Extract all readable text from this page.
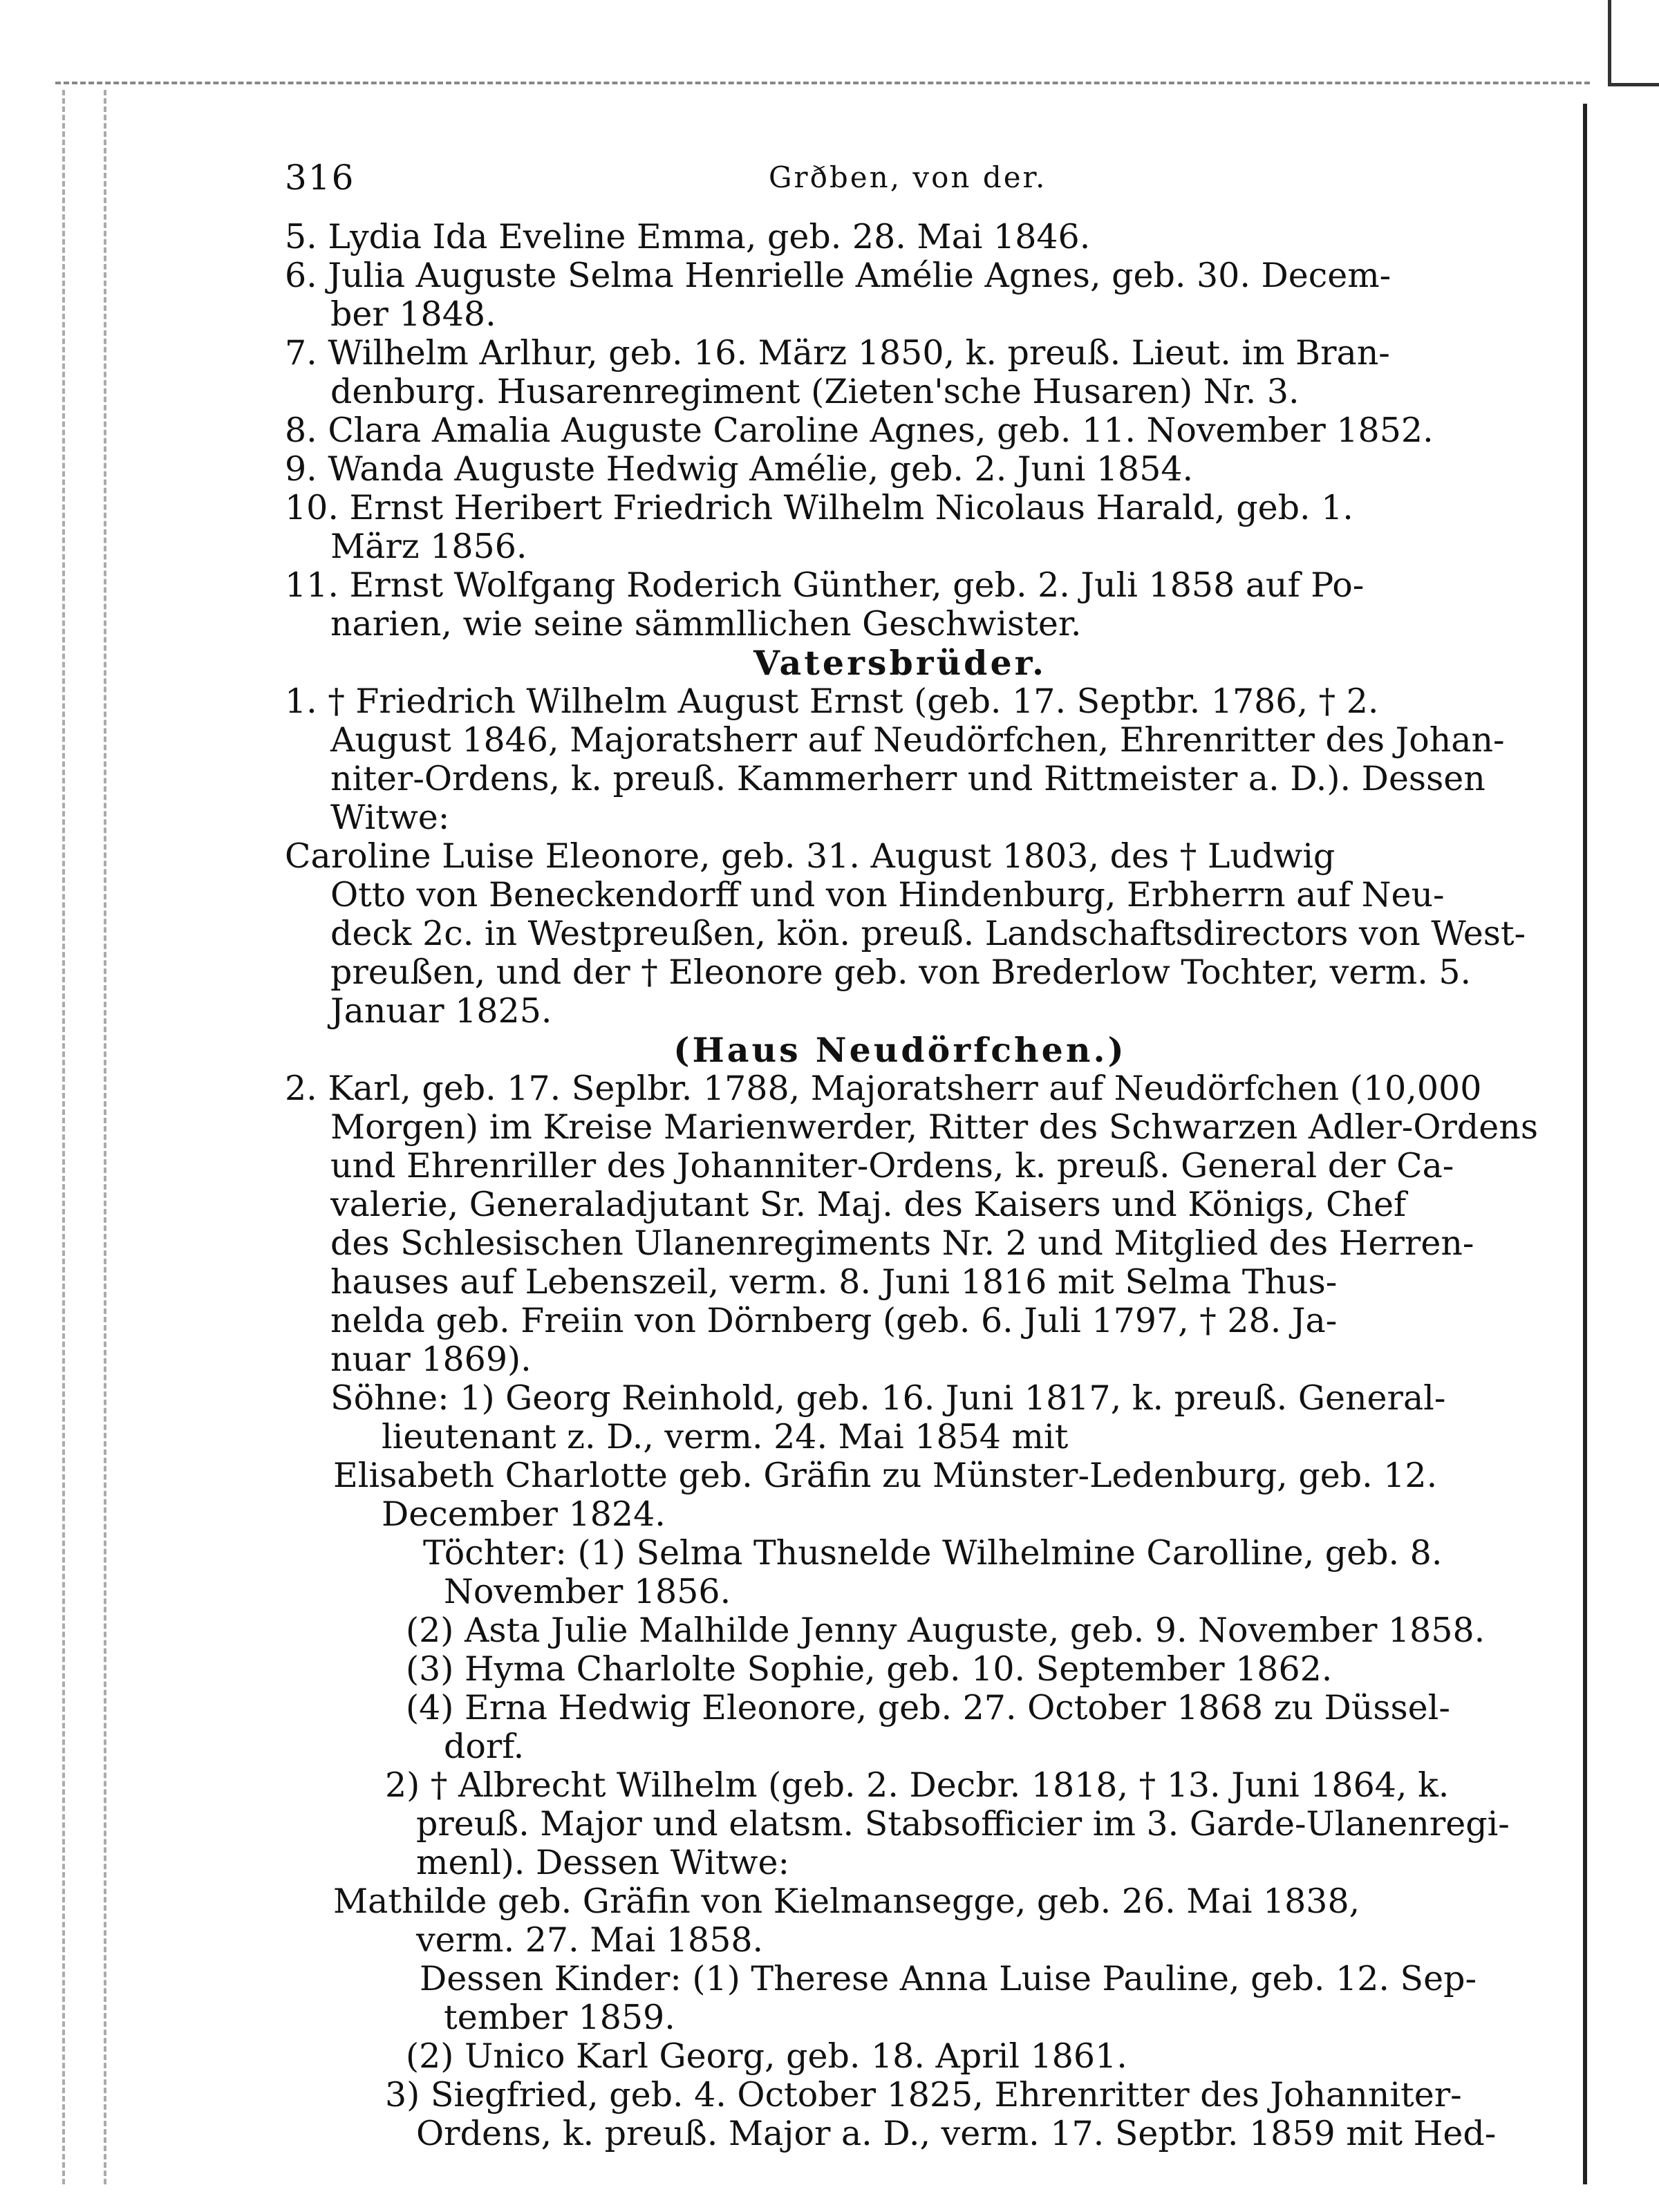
316	Grðben, von der.
5. Lydia Ida Eveline Emma, geb. 28. Mai 1846.
6. Julia Auguste Selma Henrielle Amélie Agnes, geb. 30. Decem-
ber 1848.
7. Wilhelm Arlhur, geb. 16. März 1850, k. preuß. Lieut. im Bran-
denburg. Husarenregiment (Zieten'sche Husaren) Nr. 3.
8. Clara Amalia Auguste Caroline Agnes, geb. 11. November 1852.
9. Wanda Auguste Hedwig Amélie, geb. 2. Juni 1854.
10. Ernst Heribert Friedrich Wilhelm Nicolaus Harald, geb. 1.
März 1856.
11. Ernst Wolfgang Roderich Günther, geb. 2. Juli 1858 auf Po-
narien, wie seine sämmllichen Geschwister.
Vatersbrüder.
1. † Friedrich Wilhelm August Ernst (geb. 17. Septbr. 1786, † 2.
August 1846, Majoratsherr auf Neudörfchen, Ehrenritter des Johan-
niter-Ordens, k. preuß. Kammerherr und Rittmeister a. D.). Dessen
Witwe:
Caroline Luise Eleonore, geb. 31. August 1803, des † Ludwig
Otto von Beneckendorff und von Hindenburg, Erbherrn auf Neu-
deck 2c. in Westpreußen, kön. preuß. Landschaftsdirectors von West-
preußen, und der † Eleonore geb. von Brederlow Tochter, verm. 5.
Januar 1825.
(Haus Neudörfchen.)
2. Karl, geb. 17. Seplbr. 1788, Majoratsherr auf Neudörfchen (10,000
Morgen) im Kreise Marienwerder, Ritter des Schwarzen Adler-Ordens
und Ehrenriller des Johanniter-Ordens, k. preuß. General der Ca-
valerie, Generaladjutant Sr. Maj. des Kaisers und Königs, Chef
des Schlesischen Ulanenregiments Nr. 2 und Mitglied des Herren-
hauses auf Lebenszeil, verm. 8. Juni 1816 mit Selma Thus-
nelda geb. Freiin von Dörnberg (geb. 6. Juli 1797, † 28. Ja-
nuar 1869).
Söhne: 1) Georg Reinhold, geb. 16. Juni 1817, k. preuß. General-
lieutenant z. D., verm. 24. Mai 1854 mit
Elisabeth Charlotte geb. Gräfin zu Münster-Ledenburg, geb. 12.
December 1824.
Töchter: (1) Selma Thusnelde Wilhelmine Carolline, geb. 8.
November 1856.
(2) Asta Julie Malhilde Jenny Auguste, geb. 9. November 1858.
(3) Hyma Charlolte Sophie, geb. 10. September 1862.
(4) Erna Hedwig Eleonore, geb. 27. October 1868 zu Düssel-
dorf.
2) † Albrecht Wilhelm (geb. 2. Decbr. 1818, † 13. Juni 1864, k.
preuß. Major und elatsm. Stabsofficier im 3. Garde-Ulanenregi-
menl). Dessen Witwe:
Mathilde geb. Gräfin von Kielmansegge, geb. 26. Mai 1838,
verm. 27. Mai 1858.
Dessen Kinder: (1) Therese Anna Luise Pauline, geb. 12. Sep-
tember 1859.
(2) Unico Karl Georg, geb. 18. April 1861.
3) Siegfried, geb. 4. October 1825, Ehrenritter des Johanniter-
Ordens, k. preuß. Major a. D., verm. 17. Septbr. 1859 mit Hed-
